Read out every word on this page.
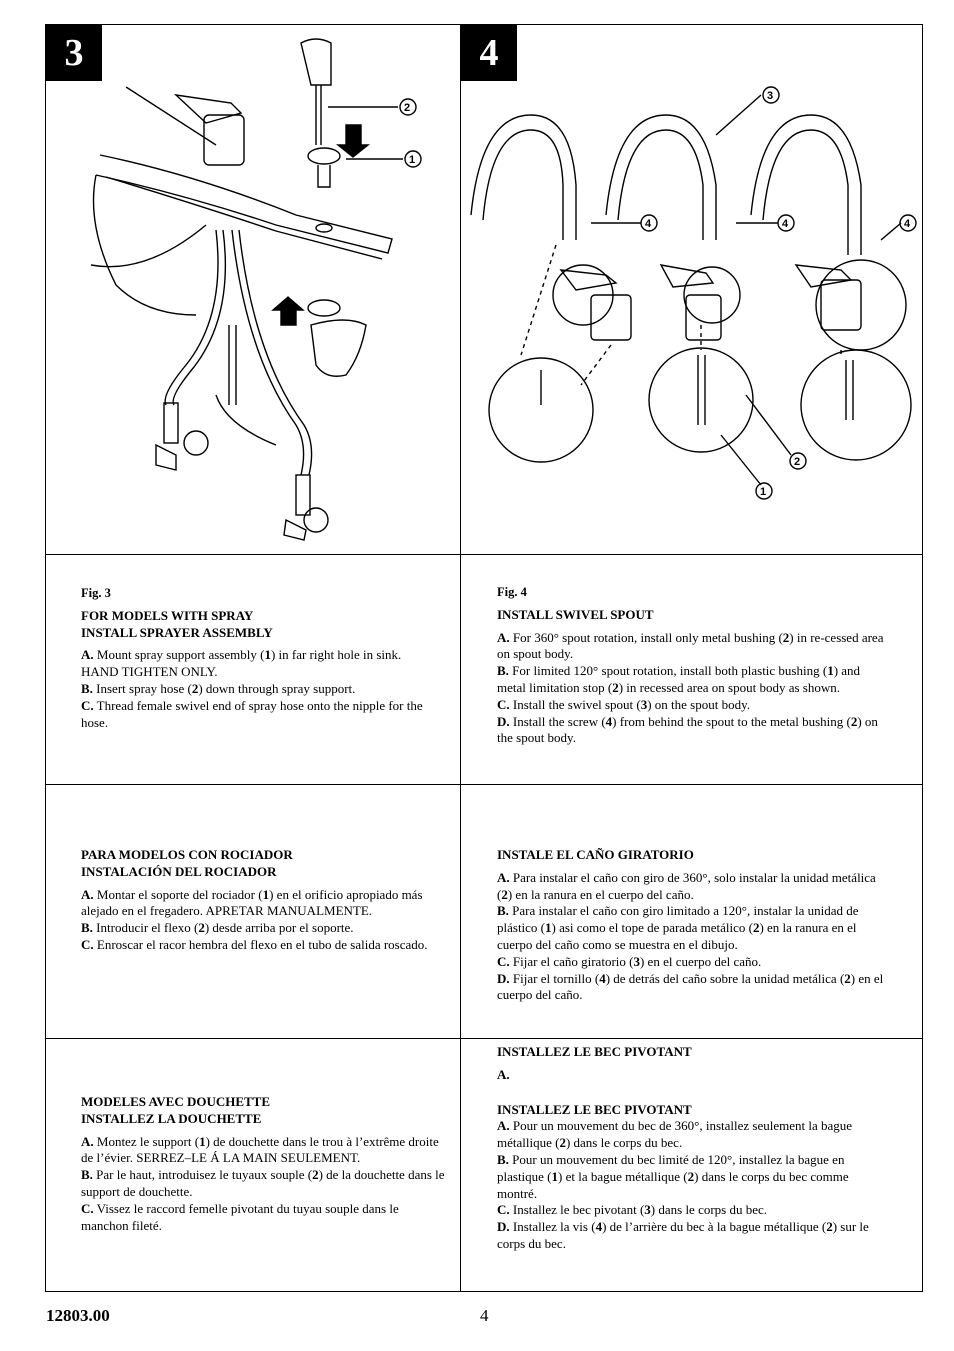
3	4
2
1
3
4	4	4
2
1

Fig. 3

FOR MODELS WITH SPRAY

INSTALL SPRAYER ASSEMBLY

A. Mount spray support assembly (1) in far right hole in sink.
HAND TIGHTEN ONLY.

B. Insert spray hose (2) down through spray support.

C. Thread female swivel end of spray hose onto the nipple for the hose.

Fig. 4

INSTALL SWIVEL SPOUT

A. For 360° spout rotation, install only metal bushing (2) in re-cessed area on spout body.

B. For limited 120° spout rotation, install both plastic bushing (1) and metal limitation stop (2) in recessed area on spout body as shown.

C. Install the swivel spout (3) on the spout body.

D. Install the screw (4) from behind the spout to the metal bushing (2) on the spout body.

PARA MODELOS CON ROCIADOR

INSTALACIÓN DEL ROCIADOR

A. Montar el soporte del rociador (1) en el orificio apropiado más alejado en el fregadero. APRETAR MANUALMENTE.

B. Introducir el flexo (2) desde arriba por el soporte.

C. Enroscar el racor hembra del flexo en el tubo de salida roscado.

INSTALE EL CAÑO GIRATORIO

A. Para instalar el caño con giro de 360°, solo instalar la unidad metálica (2) en la ranura en el cuerpo del caño.

B. Para instalar el caño con giro limitado a 120°, instalar la unidad de plástico (1) asi como el tope de parada metálico (2) en la ranura en el cuerpo del caño como se muestra en el dibujo.

C. Fijar el caño giratorio (3) en el cuerpo del caño.

D. Fijar el tornillo (4) de detrás del caño sobre la unidad metálica (2) en el cuerpo del caño.

MODELES AVEC DOUCHETTE

INSTALLEZ LA DOUCHETTE

A. Montez le support (1) de douchette dans le trou à l’extrême droite de l’évier. SERREZ–LE Á LA MAIN SEULEMENT.

B. Par le haut, introduisez le tuyaux souple (2) de la douchette dans le support de douchette.

C. Vissez le raccord femelle pivotant du tuyau souple dans le manchon fileté.

INSTALLEZ LE BEC PIVOTANT

A.

INSTALLEZ LE BEC PIVOTANT

A. Pour un mouvement du bec de 360°, installez seulement la bague métallique (2) dans le corps du bec.

B. Pour un mouvement du bec limité de 120°, installez la bague en plastique (1) et la bague métallique (2) dans le corps du bec comme montré.

C. Installez le bec pivotant (3) dans le corps du bec.

D. Installez la vis (4) de l’arrière du bec à la bague métallique (2) sur le corps du bec.

12803.00	4
